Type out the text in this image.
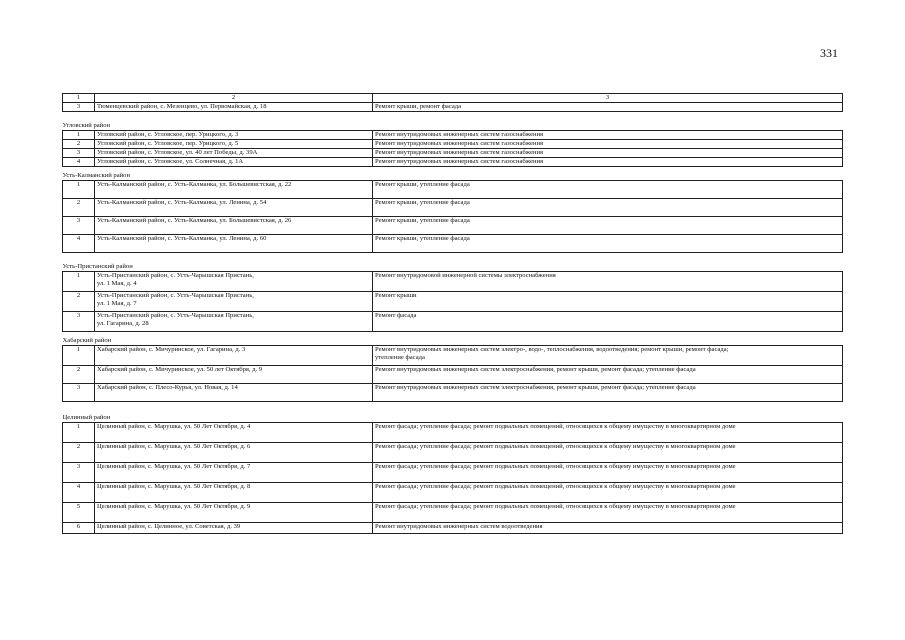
331
1	2	3
3	Тюменцевский район, с. Мезенцево, ул. Первомайская, д. 18	Ремонт крыши, ремонт фасада
Угловский район		
1	Угловский район, с. Угловское, пер. Урицкого, д. 3	Ремонт внутридомовых инженерных систем газоснабжения

2	Угловский район, с. Угловское, пер. Урицкого, д. 5	Ремонт внутридомовых инженерных систем газоснабжения

3	Угловский район, с. Угловское, ул. 40 лет Победы, д. 39А	Ремонт внутридомовых инженерных систем газоснабжения

4	Угловский район, с. Угловское, ул. Солнечная, д. 1А	Ремонт внутридомовых инженерных систем газоснабжения

Усть-Калманский район		
1	Усть-Калманский район, с. Усть-Калманка, ул. Большевистская, д. 22	Ремонт крыши, утепление фасада

2	Усть-Калманский район, с. Усть-Калманка, ул. Ленина, д. 54	Ремонт крыши, утепление фасада

3	Усть-Калманский район, с. Усть-Калманка, ул. Большевистская, д. 26	Ремонт крыши, утепление фасада

4	Усть-Калманский район, с. Усть-Калманка, ул. Ленина, д. 60	Ремонт крыши, утепление фасада

Усть-Пристанский район		
1	Усть-Пристанский район, с. Усть-Чарышская Пристань,
ул. 1 Мая, д. 4	Ремонт внутридомовой инженерной системы электроснабжения

2	Усть-Пристанский район, с. Усть-Чарышская Пристань,
ул. 1 Мая, д. 7	Ремонт крыши

3	Усть-Пристанский район, с. Усть-Чарышская Пристань,
ул. Гагарина, д. 28	Ремонт фасада

Хабарский район		
1	Хабарский район, с. Мичуринское, ул. Гагарина, д. 3	Ремонт внутридомовых инженерных систем электро-, водо-, теплоснабжения, водоотведения; ремонт крыши, ремонт фасада;
утепление фасада

2	Хабарский район, с. Мичуринское, ул. 50 лет Октября, д. 9	Ремонт внутридомовых инженерных систем электроснабжения, ремонт крыши, ремонт фасада; утепление фасада

3	Хабарский район, с. Плесо-Курья, ул. Новая, д. 14	Ремонт внутридомовых инженерных систем электроснабжения, ремонт крыши, ремонт фасада; утепление фасада

Целинный район		
1	Целинный район, с. Марушка, ул. 50 Лет Октября, д. 4	Ремонт фасада; утепление фасада; ремонт подвальных помещений, относящихся к общему имуществу в многоквартирном доме

2	Целинный район, с. Марушка, ул. 50 Лет Октября, д. 6	Ремонт фасада; утепление фасада; ремонт подвальных помещений, относящихся к общему имуществу в многоквартирном доме

3	Целинный район, с. Марушка, ул. 50 Лет Октября, д. 7	Ремонт фасада; утепление фасада; ремонт подвальных помещений, относящихся к общему имуществу в многоквартирном доме

4	Целинный район, с. Марушка, ул. 50 Лет Октября, д. 8	Ремонт фасада; утепление фасада; ремонт подвальных помещений, относящихся к общему имуществу в многоквартирном доме

5	Целинный район, с. Марушка, ул. 50 Лет Октября, д. 9	Ремонт фасада; утепление фасада; ремонт подвальных помещений, относящихся к общему имуществу в многоквартирном доме

6	Целинный район, с. Целинное, ул. Советская, д. 39	Ремонт внутридомовых инженерных систем водоотведения
